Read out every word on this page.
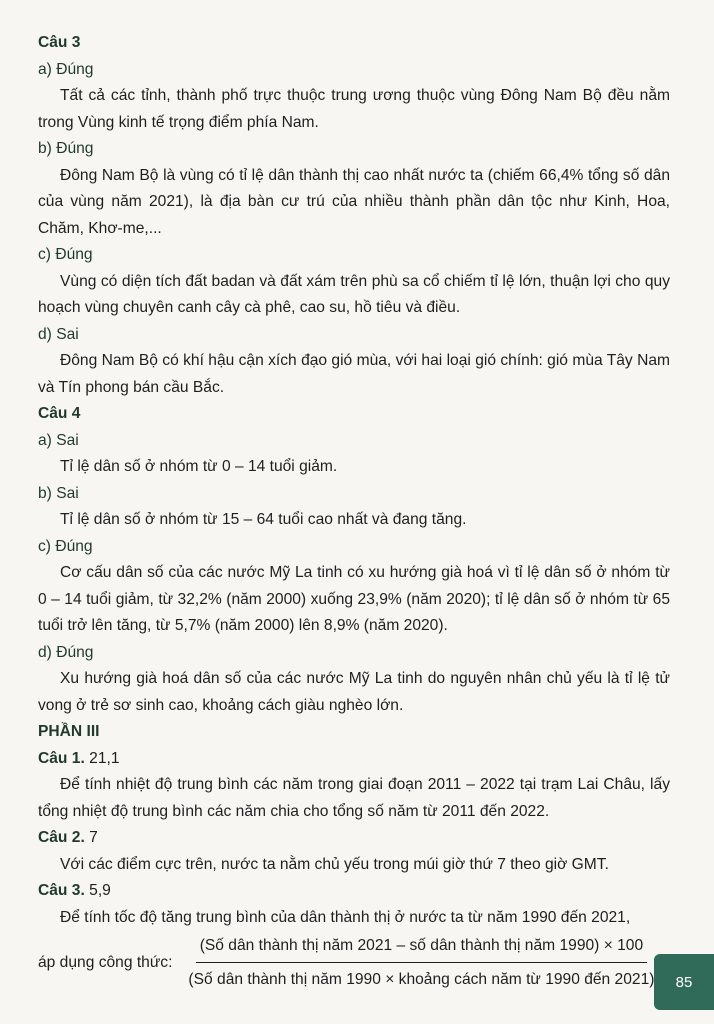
Câu 3

a) Đúng

Tất cả các tỉnh, thành phố trực thuộc trung ương thuộc vùng Đông Nam Bộ đều nằm trong Vùng kinh tế trọng điểm phía Nam.

b) Đúng

Đông Nam Bộ là vùng có tỉ lệ dân thành thị cao nhất nước ta (chiếm 66,4% tổng số dân của vùng năm 2021), là địa bàn cư trú của nhiều thành phần dân tộc như Kinh, Hoa, Chăm, Khơ-me,...

c) Đúng

Vùng có diện tích đất badan và đất xám trên phù sa cổ chiếm tỉ lệ lớn, thuận lợi cho quy hoạch vùng chuyên canh cây cà phê, cao su, hồ tiêu và điều.

d) Sai

Đông Nam Bộ có khí hậu cận xích đạo gió mùa, với hai loại gió chính: gió mùa Tây Nam và Tín phong bán cầu Bắc.

Câu 4

a) Sai

Tỉ lệ dân số ở nhóm từ 0 – 14 tuổi giảm.

b) Sai

Tỉ lệ dân số ở nhóm từ 15 – 64 tuổi cao nhất và đang tăng.

c) Đúng

Cơ cấu dân số của các nước Mỹ La tinh có xu hướng già hoá vì tỉ lệ dân số ở nhóm từ 0 – 14 tuổi giảm, từ 32,2% (năm 2000) xuống 23,9% (năm 2020); tỉ lệ dân số ở nhóm từ 65 tuổi trở lên tăng, từ 5,7% (năm 2000) lên 8,9% (năm 2020).

d) Đúng

Xu hướng già hoá dân số của các nước Mỹ La tinh do nguyên nhân chủ yếu là tỉ lệ tử vong ở trẻ sơ sinh cao, khoảng cách giàu nghèo lớn.

PHẦN III

Câu 1. 21,1

Để tính nhiệt độ trung bình các năm trong giai đoạn 2011 – 2022 tại trạm Lai Châu, lấy tổng nhiệt độ trung bình các năm chia cho tổng số năm từ 2011 đến 2022.

Câu 2. 7

Với các điểm cực trên, nước ta nằm chủ yếu trong múi giờ thứ 7 theo giờ GMT.

Câu 3. 5,9

Để tính tốc độ tăng trung bình của dân thành thị ở nước ta từ năm 1990 đến 2021,

áp dụng công thức:
(Số dân thành thị năm 2021 – số dân thành thị năm 1990) × 100
(Số dân thành thị năm 1990 × khoảng cách năm từ 1990 đến 2021) 85
